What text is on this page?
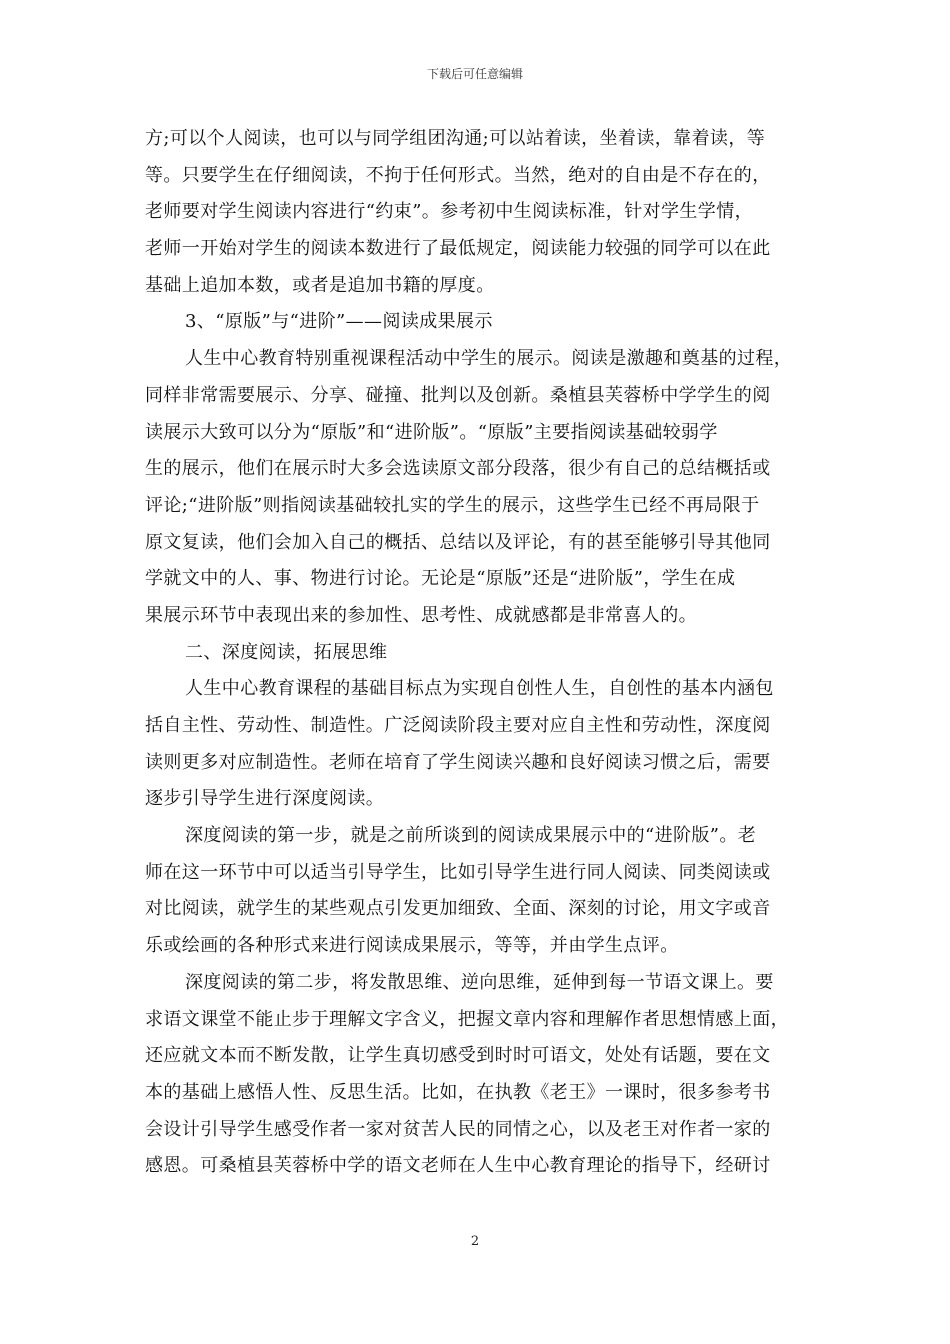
下载后可任意编辑
方;可以个人阅读，也可以与同学组团沟通;可以站着读，坐着读，靠着读，等
等。只要学生在仔细阅读，不拘于任何形式。当然，绝对的自由是不存在的，
老师要对学生阅读内容进行“约束”。参考初中生阅读标准，针对学生学情，
老师一开始对学生的阅读本数进行了最低规定，阅读能力较强的同学可以在此
基础上追加本数，或者是追加书籍的厚度。
3、“原版”与“进阶”——阅读成果展示
人生中心教育特别重视课程活动中学生的展示。阅读是激趣和奠基的过程，
同样非常需要展示、分享、碰撞、批判以及创新。桑植县芙蓉桥中学学生的阅
读展示大致可以分为“原版”和“进阶版”。“原版”主要指阅读基础较弱学
生的展示，他们在展示时大多会选读原文部分段落，很少有自己的总结概括或
评论;“进阶版”则指阅读基础较扎实的学生的展示，这些学生已经不再局限于
原文复读，他们会加入自己的概括、总结以及评论，有的甚至能够引导其他同
学就文中的人、事、物进行讨论。无论是“原版”还是“进阶版”，学生在成
果展示环节中表现出来的参加性、思考性、成就感都是非常喜人的。
二、深度阅读，拓展思维
人生中心教育课程的基础目标点为实现自创性人生，自创性的基本内涵包
括自主性、劳动性、制造性。广泛阅读阶段主要对应自主性和劳动性，深度阅
读则更多对应制造性。老师在培育了学生阅读兴趣和良好阅读习惯之后，需要
逐步引导学生进行深度阅读。
深度阅读的第一步，就是之前所谈到的阅读成果展示中的“进阶版”。老
师在这一环节中可以适当引导学生，比如引导学生进行同人阅读、同类阅读或
对比阅读，就学生的某些观点引发更加细致、全面、深刻的讨论，用文字或音
乐或绘画的各种形式来进行阅读成果展示，等等，并由学生点评。
深度阅读的第二步，将发散思维、逆向思维，延伸到每一节语文课上。要
求语文课堂不能止步于理解文字含义，把握文章内容和理解作者思想情感上面，
还应就文本而不断发散，让学生真切感受到时时可语文，处处有话题，要在文
本的基础上感悟人性、反思生活。比如，在执教《老王》一课时，很多参考书
会设计引导学生感受作者一家对贫苦人民的同情之心，以及老王对作者一家的
感恩。可桑植县芙蓉桥中学的语文老师在人生中心教育理论的指导下，经研讨
2
